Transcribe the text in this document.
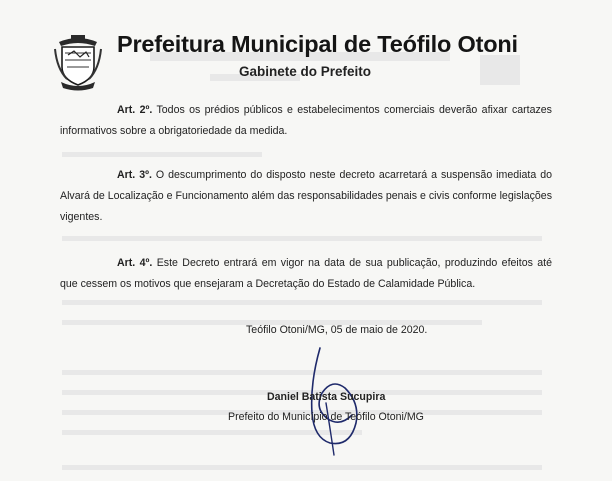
Prefeitura Municipal de Teófilo Otoni
Gabinete do Prefeito
Art. 2º. Todos os prédios públicos e estabelecimentos comerciais deverão afixar cartazes informativos sobre a obrigatoriedade da medida.
Art. 3º. O descumprimento do disposto neste decreto acarretará a suspensão imediata do Alvará de Localização e Funcionamento além das responsabilidades penais e civis conforme legislações vigentes.
Art. 4º. Este Decreto entrará em vigor na data de sua publicação, produzindo efeitos até que cessem os motivos que ensejaram a Decretação do Estado de Calamidade Pública.
Teófilo Otoni/MG, 05 de maio de 2020.
Daniel Batista Sucupira
Prefeito do Município de Teófilo Otoni/MG
